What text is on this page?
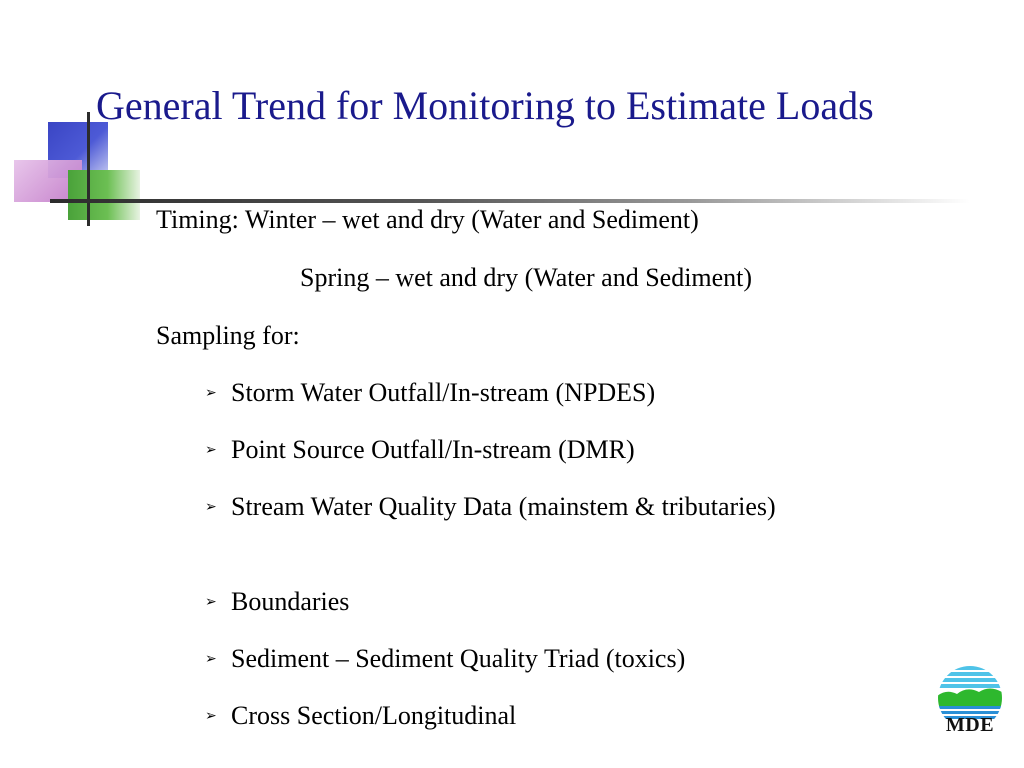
General Trend for Monitoring to Estimate Loads
Timing: Winter – wet and dry (Water and Sediment)
Spring – wet and dry (Water and Sediment)
Sampling for:
➢ Storm Water Outfall/In-stream (NPDES)
➢ Point Source Outfall/In-stream (DMR)
➢ Stream Water Quality Data (mainstem & tributaries)
➢ Boundaries
➢ Sediment – Sediment Quality Triad (toxics)
➢ Cross Section/Longitudinal	MDE
